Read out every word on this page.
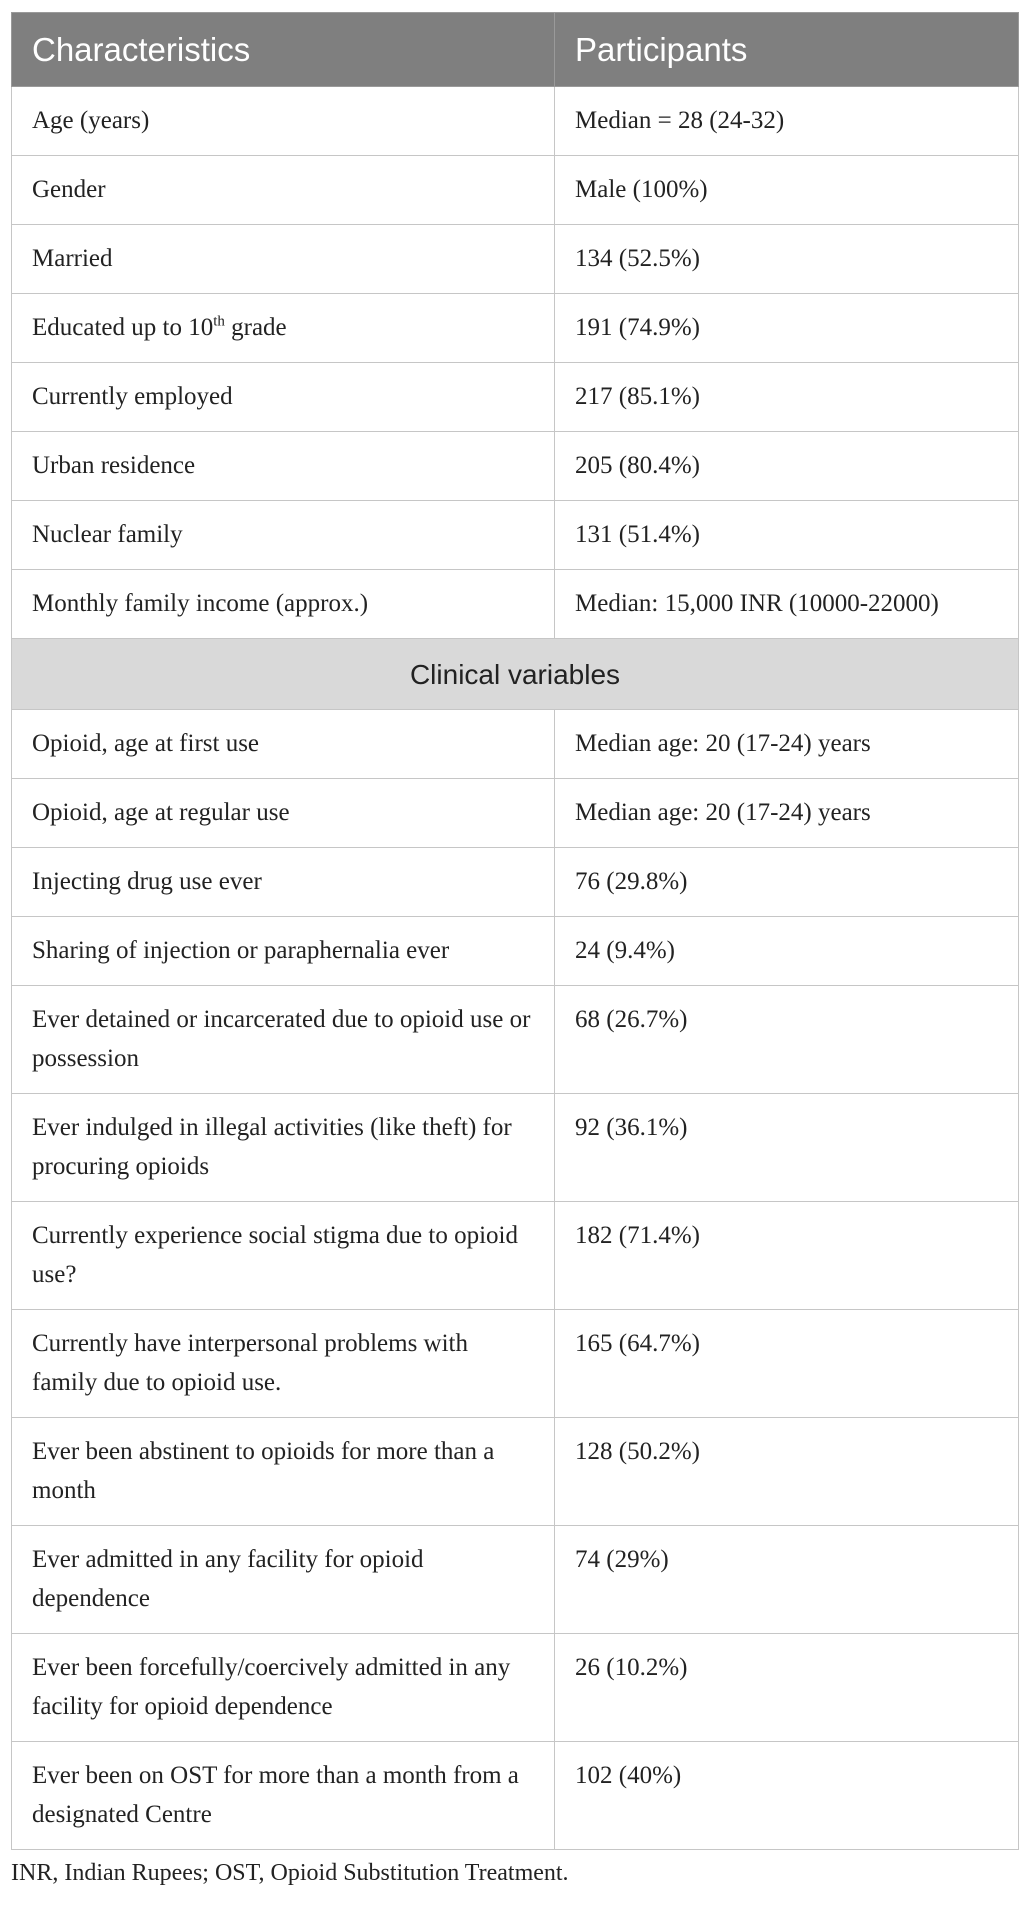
Characteristics	Participants
Age (years)	Median = 28 (24-32)
Gender	Male (100%)
Married	134 (52.5%)
Educated up to 10th grade	191 (74.9%)
Currently employed	217 (85.1%)
Urban residence	205 (80.4%)
Nuclear family	131 (51.4%)
Monthly family income (approx.)	Median: 15,000 INR (10000-22000)
Clinical variables	
Opioid, age at first use	Median age: 20 (17-24) years
Opioid, age at regular use	Median age: 20 (17-24) years
Injecting drug use ever	76 (29.8%)
Sharing of injection or paraphernalia ever	24 (9.4%)
Ever detained or incarcerated due to opioid use or possession	68 (26.7%)
Ever indulged in illegal activities (like theft) for procuring opioids	92 (36.1%)
Currently experience social stigma due to opioid use?	182 (71.4%)
Currently have interpersonal problems with family due to opioid use.	165 (64.7%)
Ever been abstinent to opioids for more than a month	128 (50.2%)
Ever admitted in any facility for opioid dependence	74 (29%)
Ever been forcefully/coercively admitted in any facility for opioid dependence	26 (10.2%)
Ever been on OST for more than a month from a designated Centre	102 (40%)
INR, Indian Rupees; OST, Opioid Substitution Treatment.
